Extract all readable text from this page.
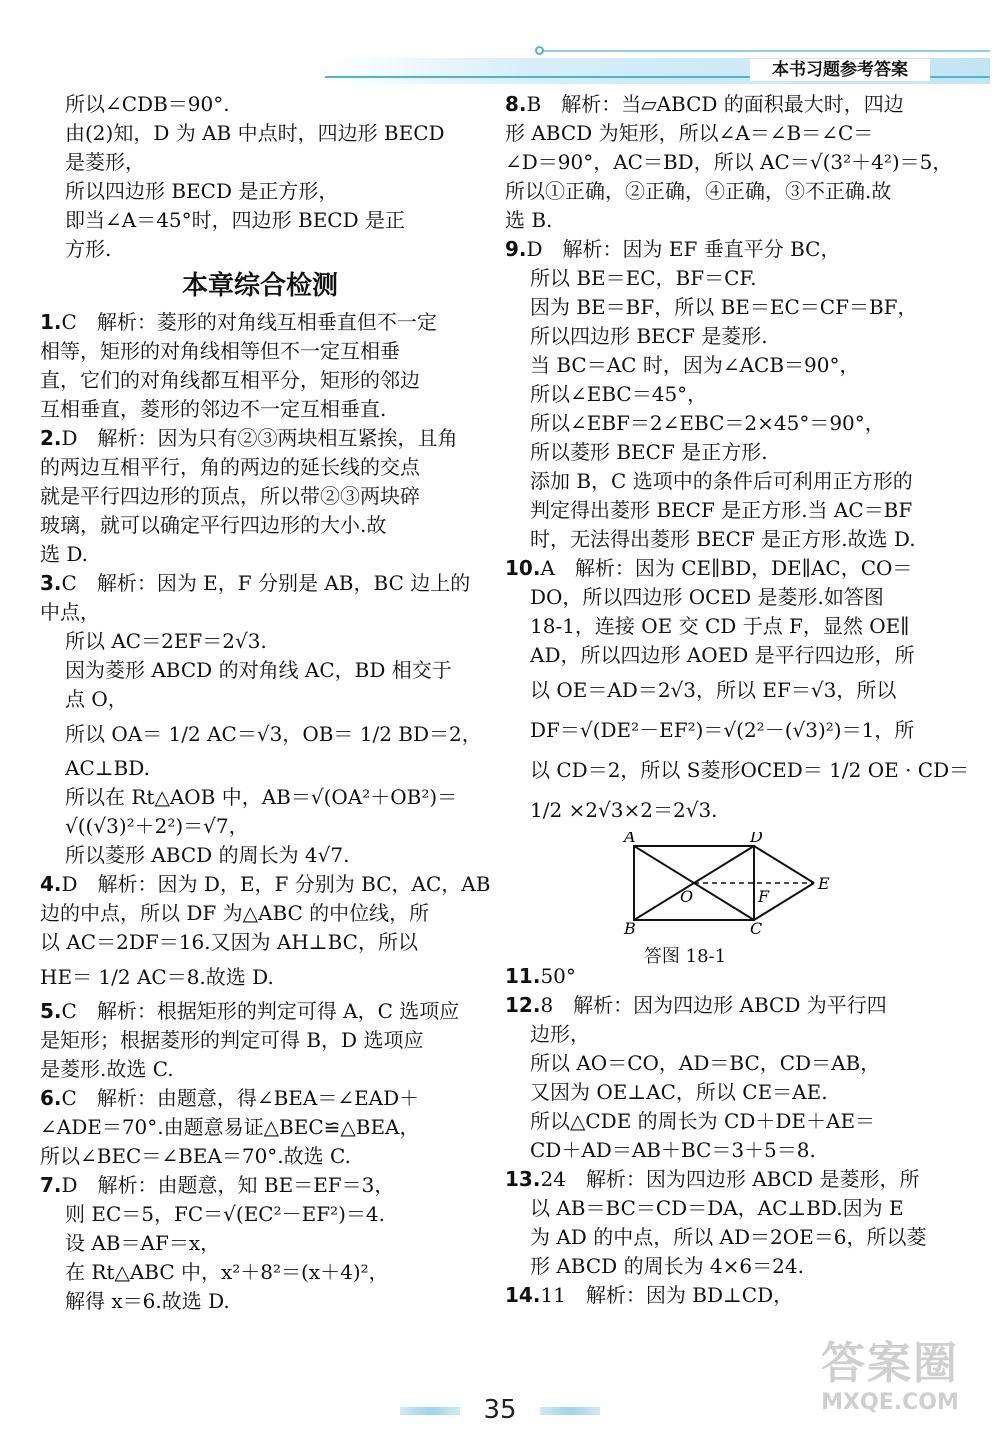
本书习题参考答案
所以∠CDB＝90°.
由(2)知，D 为 AB 中点时，四边形 BECD
是菱形，
所以四边形 BECD 是正方形，
即当∠A＝45°时，四边形 BECD 是正
方形.
本章综合检测
1.C　解析：菱形的对角线互相垂直但不一定
相等，矩形的对角线相等但不一定互相垂
直，它们的对角线都互相平分，矩形的邻边
互相垂直，菱形的邻边不一定互相垂直.
2.D　解析：因为只有②③两块相互紧挨，且角
的两边互相平行，角的两边的延长线的交点
就是平行四边形的顶点，所以带②③两块碎
玻璃，就可以确定平行四边形的大小.故
选 D.
3.C　解析：因为 E，F 分别是 AB，BC 边上的
中点，
所以 AC＝2EF＝2√3.
因为菱形 ABCD 的对角线 AC，BD 相交于
点 O，
所以 OA＝ 1/2 AC＝√3，OB＝ 1/2 BD＝2，
AC⊥BD.
所以在 Rt△AOB 中，AB＝√(OA²＋OB²)＝
√((√3)²＋2²)＝√7，
所以菱形 ABCD 的周长为 4√7.
4.D　解析：因为 D，E，F 分别为 BC，AC，AB
边的中点，所以 DF 为△ABC 的中位线，所
以 AC＝2DF＝16.又因为 AH⊥BC，所以
HE＝ 1/2 AC＝8.故选 D.
5.C　解析：根据矩形的判定可得 A，C 选项应
是矩形；根据菱形的判定可得 B，D 选项应
是菱形.故选 C.
6.C　解析：由题意，得∠BEA＝∠EAD＋
∠ADE＝70°.由题意易证△BEC≌△BEA，
所以∠BEC＝∠BEA＝70°.故选 C.
7.D　解析：由题意，知 BE＝EF＝3，
则 EC＝5，FC＝√(EC²－EF²)＝4.
设 AB＝AF＝x，
在 Rt△ABC 中，x²＋8²＝(x＋4)²，
解得 x＝6.故选 D.
8.B　解析：当▱ABCD 的面积最大时，四边
形 ABCD 为矩形，所以∠A＝∠B＝∠C＝
∠D＝90°，AC＝BD，所以 AC＝√(3²＋4²)＝5，
所以①正确，②正确，④正确，③不正确.故
选 B.
9.D　解析：因为 EF 垂直平分 BC，
所以 BE＝EC，BF＝CF.
因为 BE＝BF，所以 BE＝EC＝CF＝BF，
所以四边形 BECF 是菱形.
当 BC＝AC 时，因为∠ACB＝90°，
所以∠EBC＝45°，
所以∠EBF＝2∠EBC＝2×45°＝90°，
所以菱形 BECF 是正方形.
添加 B，C 选项中的条件后可利用正方形的
判定得出菱形 BECF 是正方形.当 AC＝BF
时，无法得出菱形 BECF 是正方形.故选 D.
10.A　解析：因为 CE∥BD，DE∥AC，CO＝
DO，所以四边形 OCED 是菱形.如答图
18-1，连接 OE 交 CD 于点 F，显然 OE∥
AD，所以四边形 AOED 是平行四边形，所
以 OE＝AD＝2√3，所以 EF＝√3，所以
DF＝√(DE²－EF²)＝√(2²－(√3)²)＝1，所
以 CD＝2，所以 S菱形OCED＝ 1/2 OE · CD＝
1/2 ×2√3×2＝2√3.
A	D
O	F
E
B	C
答图 18-1
11.50°
12.8　解析：因为四边形 ABCD 为平行四
边形，
所以 AO＝CO，AD＝BC，CD＝AB，
又因为 OE⊥AC，所以 CE＝AE.
所以△CDE 的周长为 CD＋DE＋AE＝
CD＋AD＝AB＋BC＝3＋5＝8.
13.24　解析：因为四边形 ABCD 是菱形，所
以 AB＝BC＝CD＝DA，AC⊥BD.因为 E
为 AD 的中点，所以 AD＝2OE＝6，所以菱
形 ABCD 的周长为 4×6＝24.
14.11　解析：因为 BD⊥CD，
35
答案圈
MXQE.COM
